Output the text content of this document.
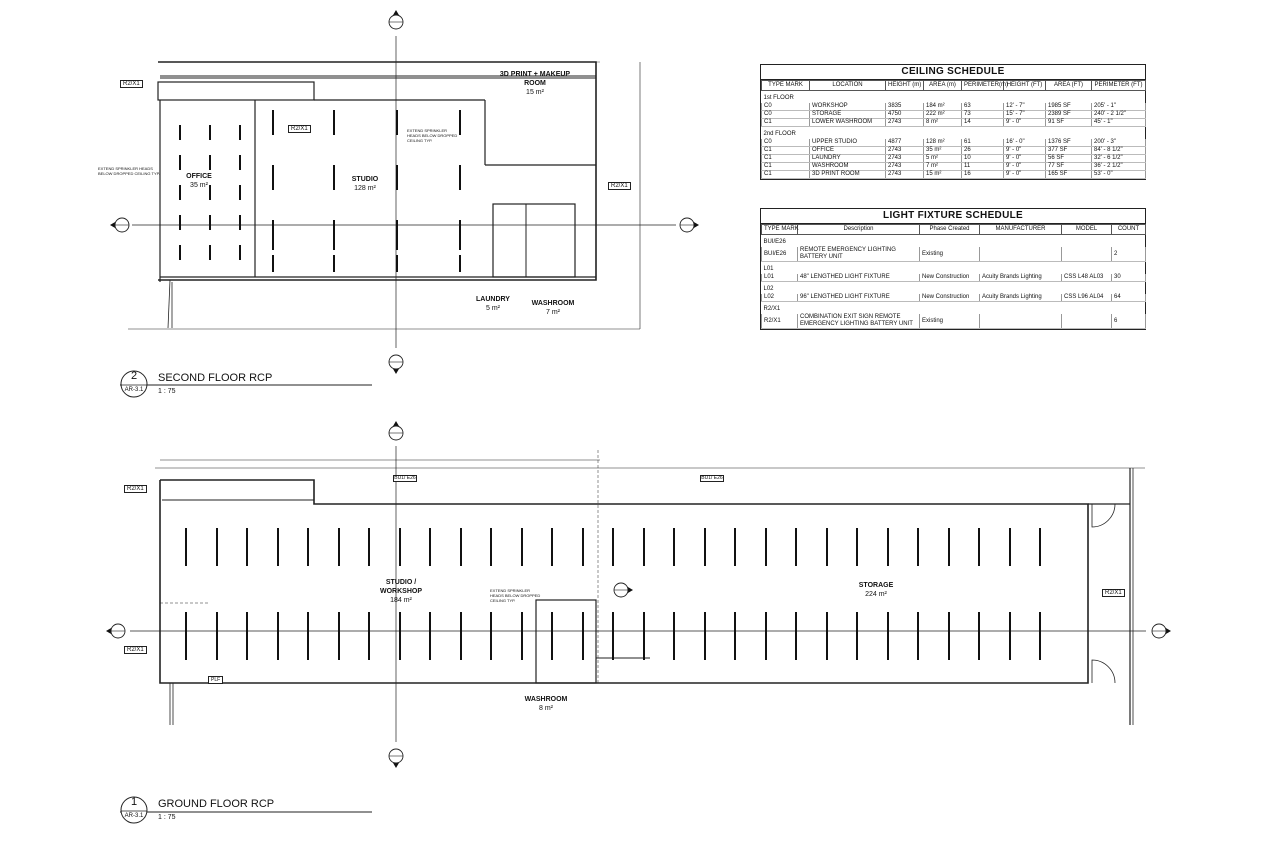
OFFICE
35 m²
STUDIO
128 m²
3D PRINT + MAKEUP ROOM
15 m²
LAUNDRY
5 m²
WASHROOM
7 m²
EXTEND SPRINKLER HEADS BELOW DROPPED CEILING TYP.
EXTEND SPRINKLER HEADS BELOW DROPPED CEILING TYP.
R2/X1
R2/X1
R2/X1
STUDIO / WORKSHOP
184 m²
STORAGE
224 m²
WASHROOM
8 m²
EXTEND SPRINKLER HEADS BELOW DROPPED CEILING TYP.
R2/X1
R2/X1
R2/X1
BU1/ E26	BU1/ E26
PLF
2
AR-3.1
SECOND FLOOR RCP
1 : 75
1
AR-3.1
GROUND FLOOR RCP
1 : 75
CEILING SCHEDULE
TYPE MARK	LOCATION	HEIGHT (m)	AREA (m)	PERIMETER(m)	HEIGHT (FT)	AREA (FT)	PERIMETER (FT)
1st FLOOR							
C0	WORKSHOP	3835	184 m²	63	12' - 7"	1985 SF	205' - 1"
C0	STORAGE	4750	222 m²	73	15' - 7"	2389 SF	240' - 2 1/2"
C1	LOWER WASHROOM	2743	8 m²	14	9' - 0"	91 SF	45' - 1"
2nd FLOOR							
C0	UPPER STUDIO	4877	128 m²	61	16' - 0"	1376 SF	200' - 3"
C1	OFFICE	2743	35 m²	26	9' - 0"	377 SF	84' - 8 1/2"
C1	LAUNDRY	2743	5 m²	10	9' - 0"	56 SF	32' - 6 1/2"
C1	WASHROOM	2743	7 m²	11	9' - 0"	77 SF	36' - 2 1/2"
C1	3D PRINT ROOM	2743	15 m²	16	9' - 0"	165 SF	53' - 0"
LIGHT FIXTURE SCHEDULE
TYPE MARK	Description	Phase Created	MANUFACTURER	MODEL	COUNT
BUI/E26					
BUI/E26	REMOTE EMERGENCY LIGHTING BATTERY UNIT	Existing			2
L01					
L01	48" LENGTHED LIGHT FIXTURE	New Construction	Acuity Brands Lighting	CSS L48 AL03	30
L02					
L02	96" LENGTHED LIGHT FIXTURE	New Construction	Acuity Brands Lighting	CSS L96 AL04	64
R2/X1					
R2/X1	COMBINATION EXIT SIGN REMOTE EMERGENCY LIGHTING BATTERY UNIT	Existing			6
